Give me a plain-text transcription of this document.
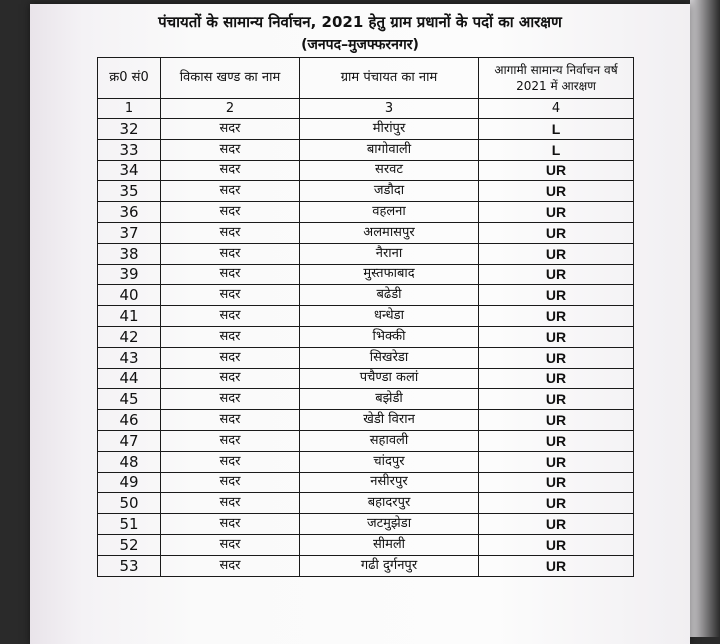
पंचायतों के सामान्य निर्वाचन, 2021 हेतु ग्राम प्रधानों के पदों का आरक्षण
(जनपद–मुजफ्फरनगर)
क्र0 सं0	विकास खण्ड का नाम	ग्राम पंचायत का नाम	आगामी सामान्य निर्वाचन वर्ष 2021 में आरक्षण
1	2	3	4
32	सदर	मीरांपुर	L
33	सदर	बागोवाली	L
34	सदर	सरवट	UR
35	सदर	जडौदा	UR
36	सदर	वहलना	UR
37	सदर	अलमासपुर	UR
38	सदर	नैराना	UR
39	सदर	मुस्तफाबाद	UR
40	सदर	बढेडी	UR
41	सदर	धन्धेडा	UR
42	सदर	भिक्की	UR
43	सदर	सिखरेडा	UR
44	सदर	पचैण्डा कलां	UR
45	सदर	बझेडी	UR
46	सदर	खेडी विरान	UR
47	सदर	सहावली	UR
48	सदर	चांदपुर	UR
49	सदर	नसीरपुर	UR
50	सदर	बहादरपुर	UR
51	सदर	जटमुझेडा	UR
52	सदर	सीमली	UR
53	सदर	गढी दुर्गनपुर	UR
